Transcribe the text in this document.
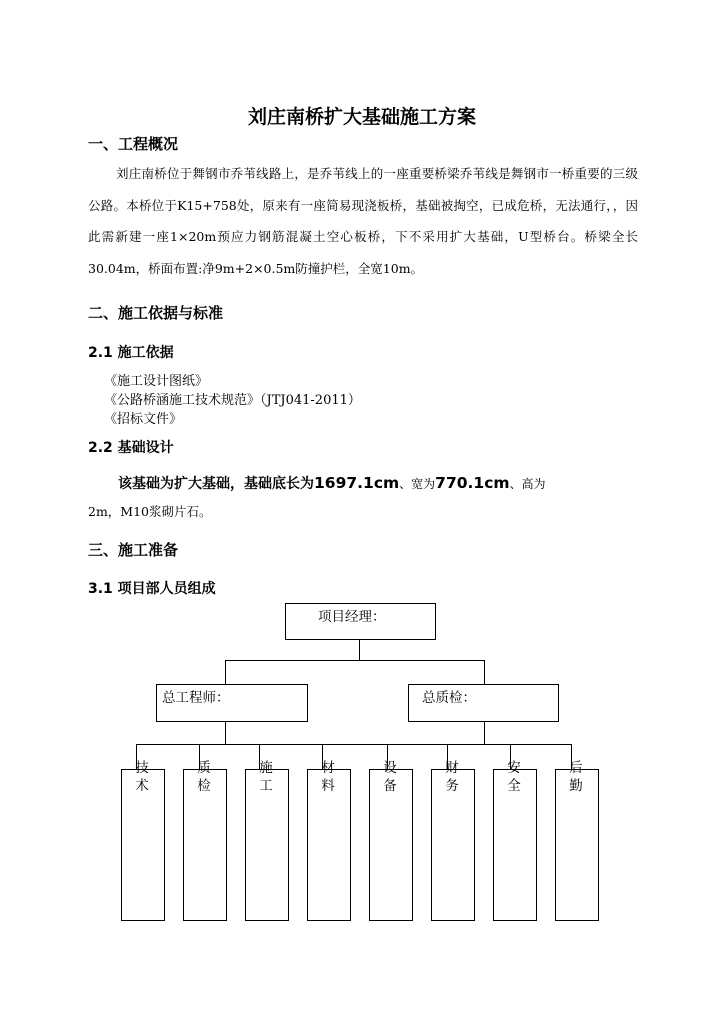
刘庄南桥扩大基础施工方案
一、工程概况
刘庄南桥位于舞钢市乔苇线路上，是乔苇线上的一座重要桥梁乔苇线是舞钢市一桥重要的三级公路。本桥位于K15+758处，原来有一座简易现浇板桥，基础被掏空，已成危桥，无法通行，，因此需新建一座1×20m预应力钢筋混凝土空心板桥，下不采用扩大基础，U型桥台。桥梁全长30.04m，桥面布置:净9m+2×0.5m防撞护栏，全宽10m。
二、施工依据与标准
2.1 施工依据
《施工设计图纸》
《公路桥涵施工技术规范》（JTJ041-2011）
《招标文件》
2.2 基础设计
该基础为扩大基础，基础底长为1697.1cm、宽为770.1cm、高为
2m，M10浆砌片石。
三、施工准备
3.1 项目部人员组成
项目经理：
总工程师：	总质检：
技
术
质
检
施
工
材
料
设
备
财
务
安
全
后
勤
